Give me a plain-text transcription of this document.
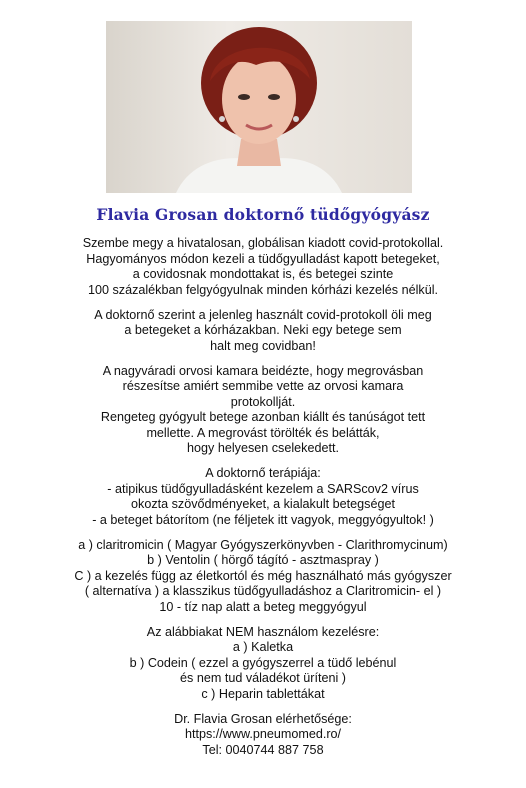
Flavia Grosan doktornő tüdőgyógyász
Szembe megy a hivatalosan, globálisan kiadott covid-protokollal.
Hagyományos módon kezeli a tüdőgyulladást kapott betegeket,
a covidosnak mondottakat is, és betegei szinte
100 százalékban felgyógyulnak minden kórházi kezelés nélkül.
A doktornő szerint a jelenleg használt covid-protokoll öli meg
a betegeket a kórházakban. Neki egy betege sem
halt meg covidban!
A nagyváradi orvosi kamara beidézte, hogy megrovásban
részesítse amiért semmibe vette az orvosi kamara
protokollját.
Rengeteg gyógyult betege azonban kiállt és tanúságot tett
mellette. A megrovást törölték és belátták,
hogy helyesen cselekedett.
A doktornő terápiája:
- atipikus tüdőgyulladásként kezelem a SARScov2 vírus
okozta szövődményeket, a kialakult betegséget
- a beteget bátorítom (ne féljetek itt vagyok, meggyógyultok! )
a ) claritromicin ( Magyar Gyógyszerkönyvben - Clarithromycinum)
b ) Ventolin ( hörgő tágító - asztmaspray )
C ) a kezelés függ az életkortól és még használható más gyógyszer
( alternatíva ) a klasszikus tüdőgyulladáshoz a Claritromicin- el )
10 - tíz nap alatt a beteg meggyógyul
Az alábbiakat NEM használom kezelésre:
a ) Kaletka
b ) Codein ( ezzel a gyógyszerrel a tüdő lebénul
és nem tud váladékot üríteni )
c ) Heparin tablettákat
Dr. Flavia Grosan elérhetősége:
https://www.pneumomed.ro/
Tel: 0040744 887 758
